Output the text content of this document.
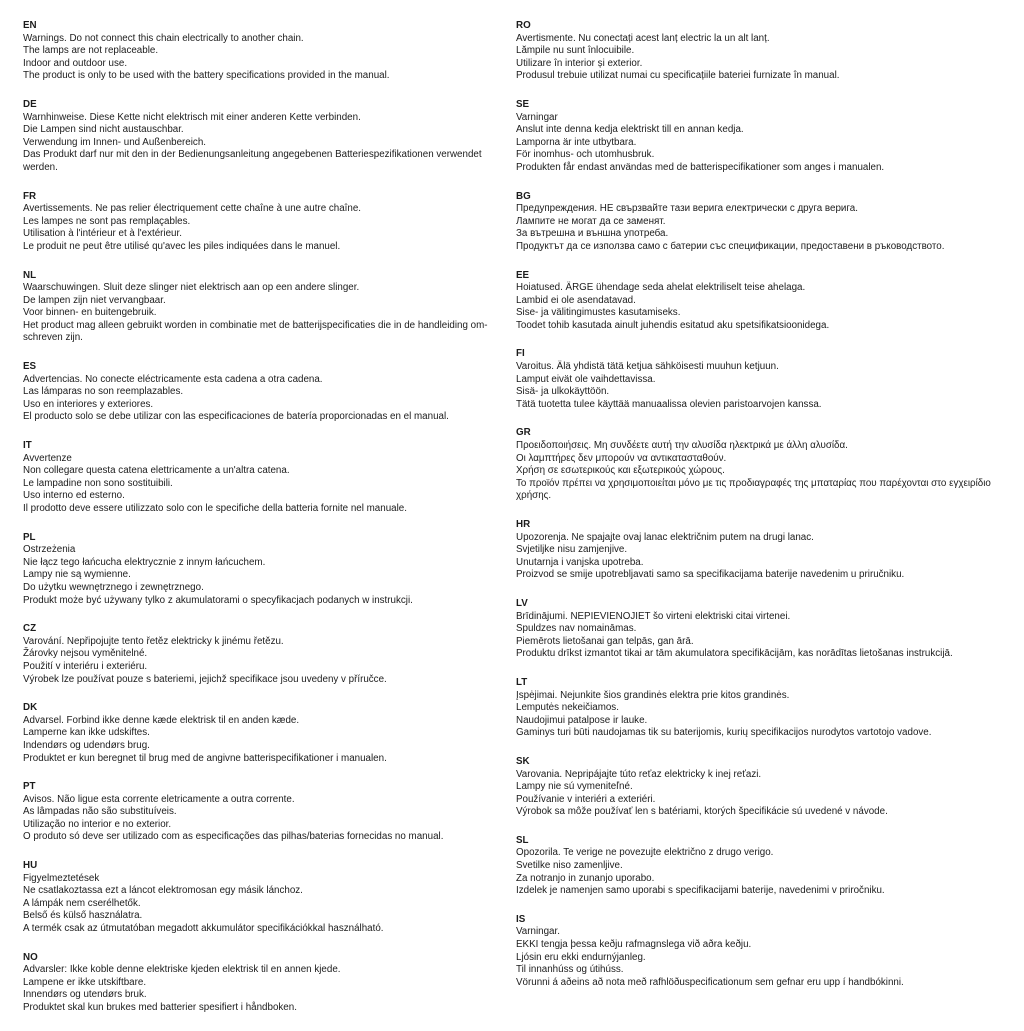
EN
Warnings. Do not connect this chain electrically to another chain.
The lamps are not replaceable.
Indoor and outdoor use.
The product is only to be used with the battery specifications provided in the manual.
DE
Warnhinweise. Diese Kette nicht elektrisch mit einer anderen Kette verbinden.
Die Lampen sind nicht austauschbar.
Verwendung im Innen- und Außenbereich.
Das Produkt darf nur mit den in der Bedienungsanleitung angegebenen Batteriespezifikationen verwendet werden.
FR
Avertissements. Ne pas relier électriquement cette chaîne à une autre chaîne.
Les lampes ne sont pas remplaçables.
Utilisation à l'intérieur et à l'extérieur.
Le produit ne peut être utilisé qu'avec les piles indiquées dans le manuel.
NL
Waarschuwingen. Sluit deze slinger niet elektrisch aan op een andere slinger.
De lampen zijn niet vervangbaar.
Voor binnen- en buitengebruik.
Het product mag alleen gebruikt worden in combinatie met de batterijspecificaties die in de handleiding om-schreven zijn.
ES
Advertencias. No conecte eléctricamente esta cadena a otra cadena.
Las lámparas no son reemplazables.
Uso en interiores y exteriores.
El producto solo se debe utilizar con las especificaciones de batería proporcionadas en el manual.
IT
Avvertenze
Non collegare questa catena elettricamente a un'altra catena.
Le lampadine non sono sostituibili.
Uso interno ed esterno.
Il prodotto deve essere utilizzato solo con le specifiche della batteria fornite nel manuale.
PL
Ostrzeżenia
Nie łącz tego łańcucha elektrycznie z innym łańcuchem.
Lampy nie są wymienne.
Do użytku wewnętrznego i zewnętrznego.
Produkt może być używany tylko z akumulatorami o specyfikacjach podanych w instrukcji.
CZ
Varování. Nepřipojujte tento řetěz elektricky k jinému řetězu.
Žárovky nejsou vyměnitelné.
Použití v interiéru i exteriéru.
Výrobek lze používat pouze s bateriemi, jejichž specifikace jsou uvedeny v příručce.
DK
Advarsel. Forbind ikke denne kæde elektrisk til en anden kæde.
Lamperne kan ikke udskiftes.
Indendørs og udendørs brug.
Produktet er kun beregnet til brug med de angivne batterispecifikationer i manualen.
PT
Avisos. Não ligue esta corrente eletricamente a outra corrente.
As lâmpadas não são substituíveis.
Utilização no interior e no exterior.
O produto só deve ser utilizado com as especificações das pilhas/baterias fornecidas no manual.
HU
Figyelmeztetések
Ne csatlakoztassa ezt a láncot elektromosan egy másik lánchoz.
A lámpák nem cserélhetők.
Belső és külső használatra.
A termék csak az útmutatóban megadott akkumulátor specifikációkkal használható.
NO
Advarsler: Ikke koble denne elektriske kjeden elektrisk til en annen kjede.
Lampene er ikke utskiftbare.
Innendørs og utendørs bruk.
Produktet skal kun brukes med batterier spesifiert i håndboken.
RO
Avertismente. Nu conectați acest lanț electric la un alt lanț.
Lămpile nu sunt înlocuibile.
Utilizare în interior și exterior.
Produsul trebuie utilizat numai cu specificațiile bateriei furnizate în manual.
SE
Varningar
Anslut inte denna kedja elektriskt till en annan kedja.
Lamporna är inte utbytbara.
För inomhus- och utomhusbruk.
Produkten får endast användas med de batterispecifikationer som anges i manualen.
BG
Предупреждения. НЕ свързвайте тази верига електрически с друга верига.
Лампите не могат да се заменят.
За вътрешна и външна употреба.
Продуктът да се използва само с батерии със спецификации, предоставени в ръководството.
EE
Hoiatused. ÄRGE ühendage seda ahelat elektriliselt teise ahelaga.
Lambid ei ole asendatavad.
Sise- ja välitingimustes kasutamiseks.
Toodet tohib kasutada ainult juhendis esitatud aku spetsifikatsioonidega.
FI
Varoitus. Älä yhdistä tätä ketjua sähköisesti muuhun ketjuun.
Lamput eivät ole vaihdettavissa.
Sisä- ja ulkokäyttöön.
Tätä tuotetta tulee käyttää manuaalissa olevien paristoarvojen kanssa.
GR
Προειδοποιήσεις. Μη συνδέετε αυτή την αλυσίδα ηλεκτρικά με άλλη αλυσίδα.
Οι λαμπτήρες δεν μπορούν να αντικατασταθούν.
Χρήση σε εσωτερικούς και εξωτερικούς χώρους.
Το προϊόν πρέπει να χρησιμοποιείται μόνο με τις προδιαγραφές της μπαταρίας που παρέχονται στο εγχειρίδιο χρήσης.
HR
Upozorenja. Ne spajajte ovaj lanac električnim putem na drugi lanac.
Svjetiljke nisu zamjenjive.
Unutarnja i vanjska upotreba.
Proizvod se smije upotrebljavati samo sa specifikacijama baterije navedenim u priručniku.
LV
Brīdinājumi. NEPIEVIENOJIET šo virteni elektriski citai virtenei.
Spuldzes nav nomaināmas.
Piemērots lietošanai gan telpās, gan ārā.
Produktu drīkst izmantot tikai ar tām akumulatora specifikācijām, kas norādītas lietošanas instrukcijā.
LT
Įspėjimai. Nejunkite šios grandinės elektra prie kitos grandinės.
Lemputės nekeičiamos.
Naudojimui patalpose ir lauke.
Gaminys turi būti naudojamas tik su baterijomis, kurių specifikacijos nurodytos vartotojo vadove.
SK
Varovania. Nepripájajte túto reťaz elektricky k inej reťazi.
Lampy nie sú vymeniteľné.
Používanie v interiéri a exteriéri.
Výrobok sa môže používať len s batériami, ktorých špecifikácie sú uvedené v návode.
SL
Opozorila. Te verige ne povezujte električno z drugo verigo.
Svetilke niso zamenljive.
Za notranjo in zunanjo uporabo.
Izdelek je namenjen samo uporabi s specifikacijami baterije, navedenimi v priročniku.
IS
Varningar.
EKKI tengja þessa keðju rafmagnslega við aðra keðju.
Ljósin eru ekki endurnýjanleg.
Til innanhúss og útihúss.
Vörunni á aðeins að nota með rafhlöðuspecificationum sem gefnar eru upp í handbókinni.
